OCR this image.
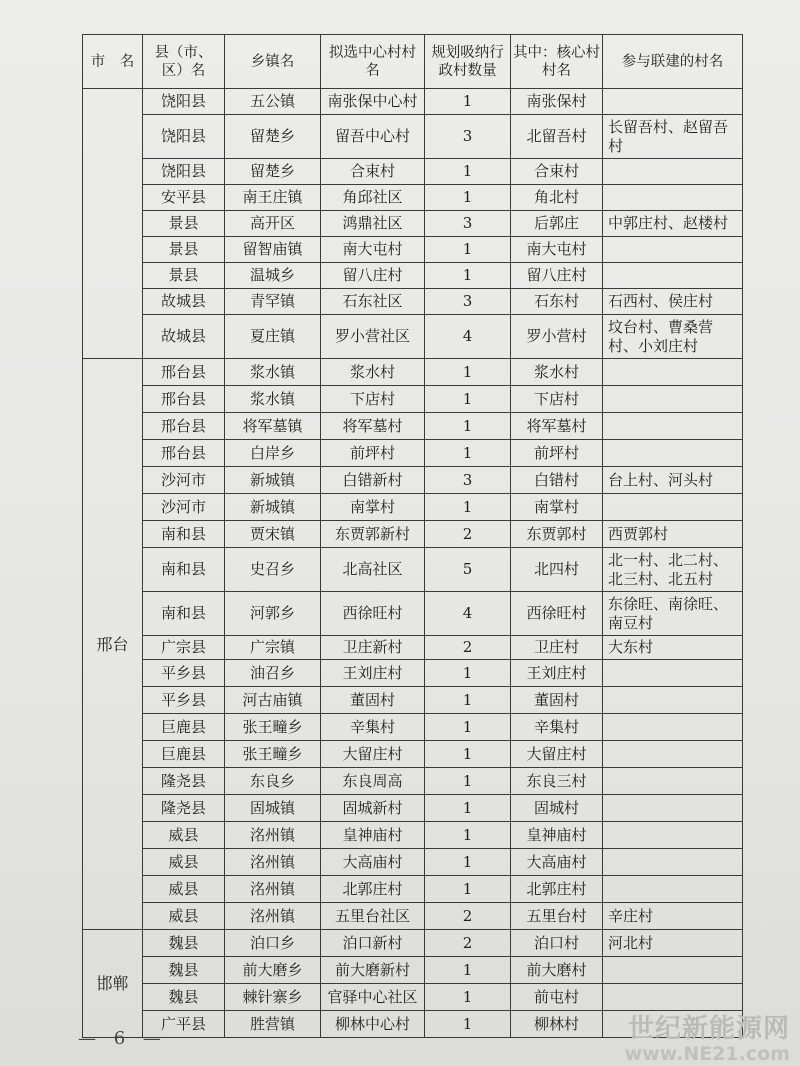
市　名	县（市、区）名	乡镇名	拟选中心村村　名	规划吸纳行政村数量	其中：核心村村名	参与联建的村名
	饶阳县	五公镇	南张保中心村	1	南张保村	
	饶阳县	留楚乡	留吾中心村	3	北留吾村	长留吾村、赵留吾村
	饶阳县	留楚乡	合束村	1	合束村	
	安平县	南王庄镇	角邱社区	1	角北村	
	景县	高开区	鸿鼎社区	3	后郭庄	中郭庄村、赵楼村
	景县	留智庙镇	南大屯村	1	南大屯村	
	景县	温城乡	留八庄村	1	留八庄村	
	故城县	青罕镇	石东社区	3	石东村	石西村、侯庄村
	故城县	夏庄镇	罗小营社区	4	罗小营村	坟台村、曹桑营村、小刘庄村
邢台	邢台县	浆水镇	浆水村	1	浆水村	
	邢台县	浆水镇	下店村	1	下店村	
	邢台县	将军墓镇	将军墓村	1	将军墓村	
	邢台县	白岸乡	前坪村	1	前坪村	
	沙河市	新城镇	白错新村	3	白错村	台上村、河头村
	沙河市	新城镇	南掌村	1	南掌村	
	南和县	贾宋镇	东贾郭新村	2	东贾郭村	西贾郭村
	南和县	史召乡	北高社区	5	北四村	北一村、北二村、北三村、北五村
	南和县	河郭乡	西徐旺村	4	西徐旺村	东徐旺、南徐旺、南豆村
	广宗县	广宗镇	卫庄新村	2	卫庄村	大东村
	平乡县	油召乡	王刘庄村	1	王刘庄村	
	平乡县	河古庙镇	董固村	1	董固村	
	巨鹿县	张王疃乡	辛集村	1	辛集村	
	巨鹿县	张王疃乡	大留庄村	1	大留庄村	
	隆尧县	东良乡	东良周高	1	东良三村	
	隆尧县	固城镇	固城新村	1	固城村	
	威县	洺州镇	皇神庙村	1	皇神庙村	
	威县	洺州镇	大高庙村	1	大高庙村	
	威县	洺州镇	北郭庄村	1	北郭庄村	
	威县	洺州镇	五里台社区	2	五里台村	辛庄村
邯郸	魏县	泊口乡	泊口新村	2	泊口村	河北村
	魏县	前大磨乡	前大磨新村	1	前大磨村	
	魏县	棘针寨乡	官驿中心社区	1	前屯村	
	广平县	胜营镇	柳林中心村	1	柳林村	
— 6 —	世纪新能源网
www.NE21.com
